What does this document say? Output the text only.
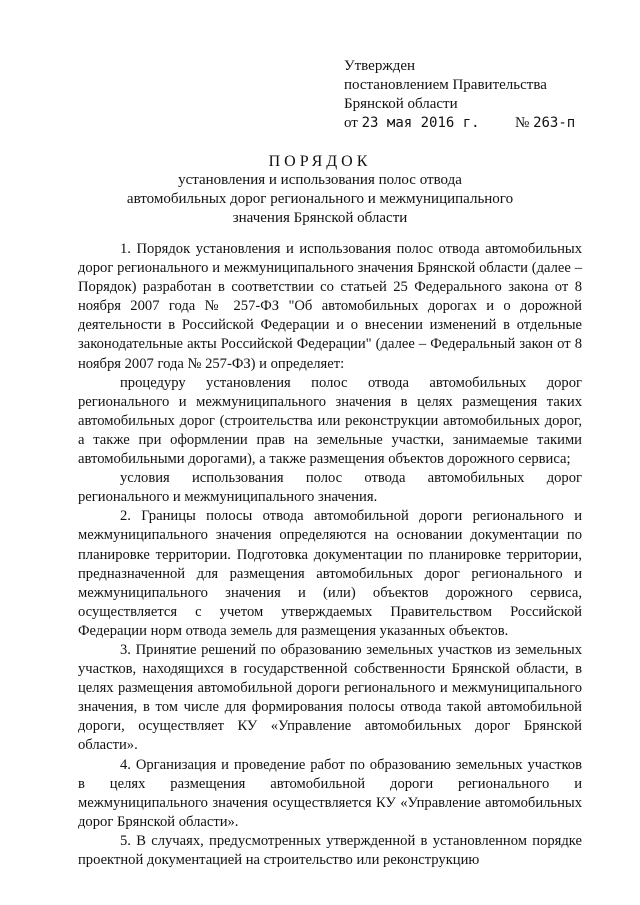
Утвержден
постановлением Правительства
Брянской области
от 23 мая 2016 г. № 263-п
ПОРЯДОК
установления и использования полос отвода
автомобильных дорог регионального и межмуниципального
значения Брянской области

1. Порядок установления и использования полос отвода автомобильных дорог регионального и межмуниципального значения Брянской области (далее – Порядок) разработан в соответствии со статьей 25 Федерального закона от 8 ноября 2007 года № 257-ФЗ "Об автомобильных дорогах и о дорожной деятельности в Российской Федерации и о внесении изменений в отдельные законодательные акты Российской Федерации" (далее – Федеральный закон от 8 ноября 2007 года № 257-ФЗ) и определяет:

процедуру установления полос отвода автомобильных дорог регионального и межмуниципального значения в целях размещения таких автомобильных дорог (строительства или реконструкции автомобильных дорог, а также при оформлении прав на земельные участки, занимаемые такими автомобильными дорогами), а также размещения объектов дорожного сервиса;

условия использования полос отвода автомобильных дорог регионального и межмуниципального значения.

2. Границы полосы отвода автомобильной дороги регионального и межмуниципального значения определяются на основании документации по планировке территории. Подготовка документации по планировке территории, предназначенной для размещения автомобильных дорог регионального и межмуниципального значения и (или) объектов дорожного сервиса, осуществляется с учетом утверждаемых Правительством Российской Федерации норм отвода земель для размещения указанных объектов.

3. Принятие решений по образованию земельных участков из земельных участков, находящихся в государственной собственности Брянской области, в целях размещения автомобильной дороги регионального и межмуниципального значения, в том числе для формирования полосы отвода такой автомобильной дороги, осуществляет КУ «Управление автомобильных дорог Брянской области».

4. Организация и проведение работ по образованию земельных участков в целях размещения автомобильной дороги регионального и межмуниципального значения осуществляется КУ «Управление автомобильных дорог Брянской области».

5. В случаях, предусмотренных утвержденной в установленном порядке проектной документацией на строительство или реконструкцию
